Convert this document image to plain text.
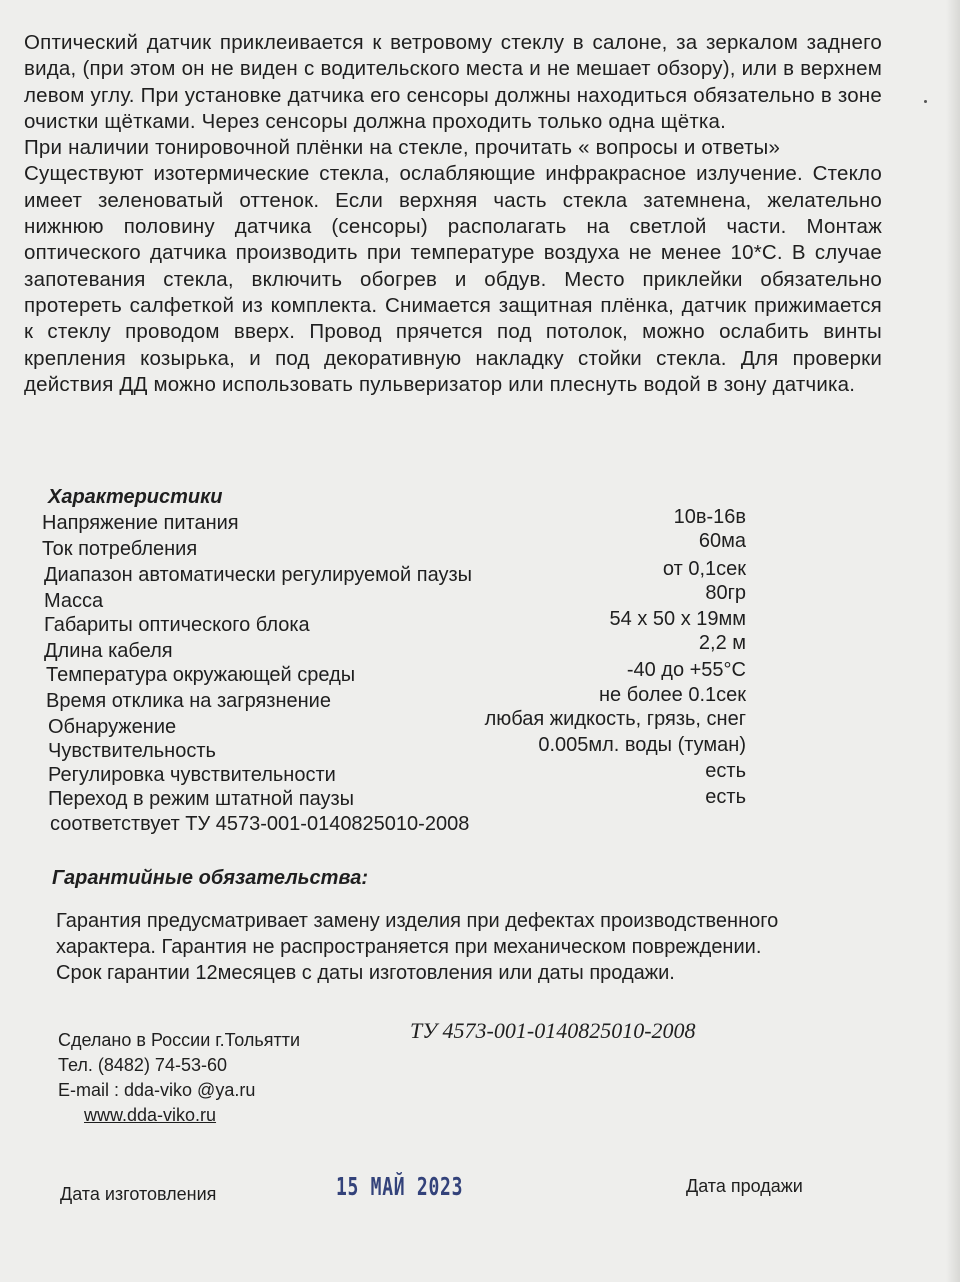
Оптический датчик приклеивается к ветровому стеклу в салоне, за зеркалом заднего вида, (при этом он не виден с водительского места и не мешает обзору), или в верхнем левом углу. При установке датчика его сенсоры должны находиться обязательно в зоне очистки щётками. Через сенсоры должна проходить только одна щётка.

При наличии тонировочной плёнки на стекле, прочитать « вопросы и ответы»

Существуют изотермические стекла, ослабляющие инфракрасное излучение. Стекло имеет зеленоватый оттенок. Если верхняя часть стекла затемнена, желательно нижнюю половину датчика (сенсоры) располагать на светлой части. Монтаж оптического датчика производить при температуре воздуха не менее 10*С. В случае запотевания стекла, включить обогрев и обдув. Место приклейки обязательно протереть салфеткой из комплекта. Снимается защитная плёнка, датчик прижимается к стеклу проводом вверх. Провод прячется под потолок, можно ослабить винты крепления козырька, и под декоративную накладку стойки стекла. Для проверки действия ДД можно использовать пульверизатор или плеснуть водой в зону датчика.

Характеристики
Напряжение питания	10в-16в
Ток потребления	60ма
Диапазон автоматически регулируемой паузы	от 0,1сек
Масса	80гр
Габариты оптического блока	54 х 50 х 19мм
Длина кабеля	2,2 м
Температура окружающей среды	-40 до +55°С
Время отклика на загрязнение	не более 0.1сек
Обнаружение	любая жидкость, грязь, снег
Чувствительность	0.005мл. воды (туман)
Регулировка чувствительности	есть
Переход в режим штатной паузы	есть
соответствует ТУ 4573-001-0140825010-2008
Гарантийные обязательства:

Гарантия предусматривает замену изделия при дефектах производственного

характера. Гарантия не распространяется при механическом повреждении.

Срок гарантии 12месяцев с даты изготовления или даты продажи.

Сделано в России г.Тольятти
Тел. (8482) 74-53-60
E-mail : dda-viko @ya.ru
www.dda-viko.ru
ТУ 4573-001-0140825010-2008
Дата изготовления	15 МАЙ 2023	Дата продажи
